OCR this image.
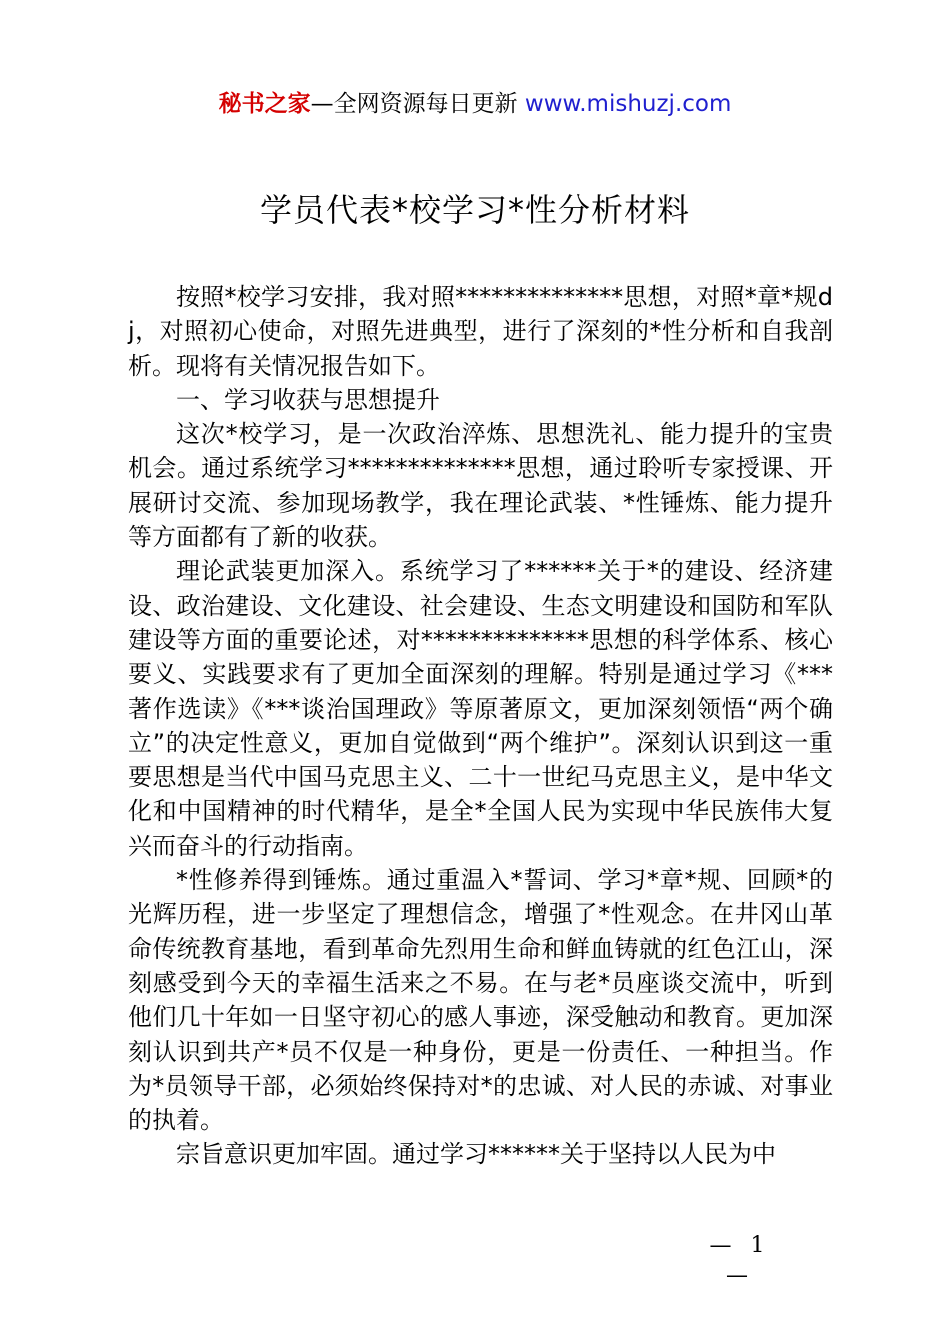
秘书之家—全网资源每日更新 www.mishuzj.com
学员代表*校学习*性分析材料

按照*校学习安排，我对照**************思想，对照*章*规dj，对照初心使命，对照先进典型，进行了深刻的*性分析和自我剖析。现将有关情况报告如下。

一、学习收获与思想提升

这次*校学习，是一次政治淬炼、思想洗礼、能力提升的宝贵机会。通过系统学习**************思想，通过聆听专家授课、开展研讨交流、参加现场教学，我在理论武装、*性锤炼、能力提升等方面都有了新的收获。

理论武装更加深入。系统学习了******关于*的建设、经济建设、政治建设、文化建设、社会建设、生态文明建设和国防和军队建设等方面的重要论述，对**************思想的科学体系、核心要义、实践要求有了更加全面深刻的理解。特别是通过学习《***著作选读》《***谈治国理政》等原著原文，更加深刻领悟“两个确立”的决定性意义，更加自觉做到“两个维护”。深刻认识到这一重要思想是当代中国马克思主义、二十一世纪马克思主义，是中华文化和中国精神的时代精华，是全*全国人民为实现中华民族伟大复兴而奋斗的行动指南。

*性修养得到锤炼。通过重温入*誓词、学习*章*规、回顾*的光辉历程，进一步坚定了理想信念，增强了*性观念。在井冈山革命传统教育基地，看到革命先烈用生命和鲜血铸就的红色江山，深刻感受到今天的幸福生活来之不易。在与老*员座谈交流中，听到他们几十年如一日坚守初心的感人事迹，深受触动和教育。更加深刻认识到共产*员不仅是一种身份，更是一份责任、一种担当。作为*员领导干部，必须始终保持对*的忠诚、对人民的赤诚、对事业的执着。

宗旨意识更加牢固。通过学习******关于坚持以人民为中

— 1 —
